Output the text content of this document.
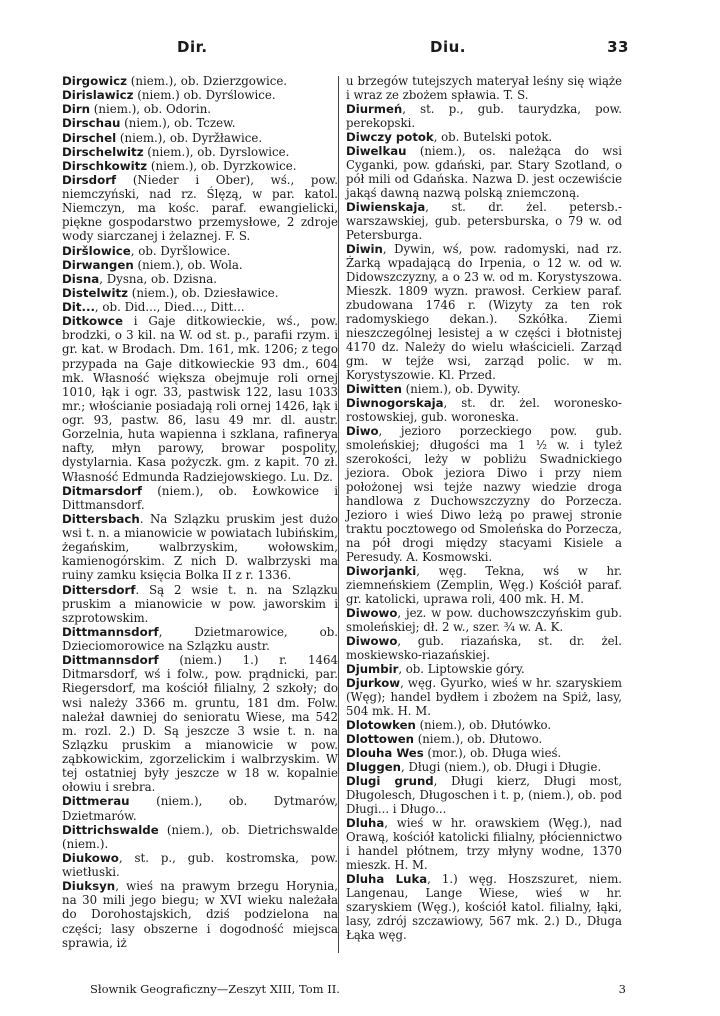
Dir.	Diu.	33

Dirgowicz (niem.), ob. Dzierzgowice.

Dirislawicz (niem.) ob. Dyrślowice.

Dirn (niem.), ob. Odorin.

Dirschau (niem.), ob. Tczew.

Dirschel (niem.), ob. Dyržławice.

Dirschelwitz (niem.), ob. Dyrslowice.

Dirschkowitz (niem.), ob. Dyrzkowice.

Dirsdorf (Nieder i Ober), wś., pow. niemczyński, nad rz. Ślęzą, w par. katol. Niemczyn, ma kośc. paraf. ewangielicki, piękne gospodarstwo przemysłowe, 2 zdroje wody siarczanej i żelaznej. F. S.

Diršlowice, ob. Dyršlowice.

Dirwangen (niem.), ob. Wola.

Disna, Dysna, ob. Dzisna.

Distelwitz (niem.), ob. Dziesławice.

Dit..., ob. Did..., Died..., Ditt...

Ditkowce i Gaje ditkowieckie, wś., pow. brodzki, o 3 kil. na W. od st. p., parafii rzym. i gr. kat. w Brodach. Dm. 161, mk. 1206; z tego przypada na Gaje ditkowieckie 93 dm., 604 mk. Własność większa obejmuje roli ornej 1010, łąk i ogr. 33, pastwisk 122, lasu 1033 mr.; włościanie posiadają roli ornej 1426, łąk i ogr. 93, pastw. 86, lasu 49 mr. dl. austr. Gorzelnia, huta wapienna i szklana, rafinerya nafty, młyn parowy, browar pospolity, dystylarnia. Kasa pożyczk. gm. z kapit. 70 zł. Własność Edmunda Radziejowskiego. Lu. Dz.

Ditmarsdorf (niem.), ob. Łowkowice i Dittmansdorf.

Dittersbach. Na Szlązku pruskim jest dużo wsi t. n. a mianowicie w powiatach lubińskim, żegańskim, walbrzyskim, wołowskim, kamienogórskim. Z nich D. walbrzyski ma ruiny zamku księcia Bolka II z r. 1336.

Dittersdorf. Są 2 wsie t. n. na Szlązku pruskim a mianowicie w pow. jaworskim i szprotowskim.

Dittmannsdorf, Dzietmarowice, ob. Dzieciomorowice na Szlązku austr.

Dittmannsdorf (niem.) 1.) r. 1464 Ditmarsdorf, wś i folw., pow. prądnicki, par. Riegersdorf, ma kościół filialny, 2 szkoły; do wsi należy 3366 m. gruntu, 181 dm. Folw. należał dawniej do senioratu Wiese, ma 542 m. rozl. 2.) D. Są jeszcze 3 wsie t. n. na Szlązku pruskim a mianowicie w pow. ząbkowickim, zgorzelickim i walbrzyskim. W tej ostatniej były jeszcze w 18 w. kopalnie ołowiu i srebra.

Dittmerau (niem.), ob. Dytmarów, Dzietmarów.

Dittrichswalde (niem.), ob. Dietrichswalde (niem.).

Diukowo, st. p., gub. kostromska, pow. wietłuski.

Diuksyn, wieś na prawym brzegu Horynia, na 30 mili jego biegu; w XVI wieku należała do Dorohostajskich, dziś podzielona na części; lasy obszerne i dogodność miejsca sprawia, iż

u brzegów tutejszych materyał leśny się wiąże i wraz ze zbożem spławia. T. S.

Diurmeń, st. p., gub. taurydzka, pow. perekopski.

Diwczy potok, ob. Butelski potok.

Diwelkau (niem.), os. należąca do wsi Cyganki, pow. gdański, par. Stary Szotland, o pół mili od Gdańska. Nazwa D. jest oczewiście jakąś dawną nazwą polską zniemczoną.

Diwienskaja, st. dr. żel. petersb.-warszawskiej, gub. petersburska, o 79 w. od Petersburga.

Diwin, Dywin, wś, pow. radomyski, nad rz. Żarką wpadającą do Irpenia, o 12 w. od w. Didowszczyzny, a o 23 w. od m. Korystyszowa. Mieszk. 1809 wyzn. prawosł. Cerkiew paraf. zbudowana 1746 r. (Wizyty za ten rok radomyskiego dekan.). Szkółka. Ziemi nieszczególnej lesistej a w części i błotnistej 4170 dz. Należy do wielu właścicieli. Zarząd gm. w tejże wsi, zarząd polic. w m. Korystyszowie. Kl. Przed.

Diwitten (niem.), ob. Dywity.

Diwnogorskaja, st. dr. żel. woronesko-rostowskiej, gub. woroneska.

Diwo, jezioro porzeckiego pow. gub. smoleńskiej; długości ma 1 ½ w. i tyleż szerokości, leży w pobliżu Swadnickiego jeziora. Obok jeziora Diwo i przy niem położonej wsi tejże nazwy wiedzie droga handlowa z Duchowszczyzny do Porzecza. Jezioro i wieś Diwo leżą po prawej stronie traktu pocztowego od Smoleńska do Porzecza, na pół drogi między stacyami Kisiele a Peresudy. A. Kosmowski.

Diworjanki, węg. Tekna, wś w hr. ziemneńskiem (Zemplin, Węg.) Kościół paraf. gr. katolicki, uprawa roli, 400 mk. H. M.

Diwowo, jez. w pow. duchowszczyńskim gub. smoleńskiej; dł. 2 w., szer. ¾ w. A. K.

Diwowo, gub. riazańska, st. dr. żel. moskiewsko-riazańskiej.

Djumbir, ob. Liptowskie góry.

Djurkow, węg. Gyurko, wieś w hr. szaryskiem (Węg); handel bydłem i zbożem na Spiż, lasy, 504 mk. H. M.

Dlotowken (niem.), ob. Dłutówko.

Dlottowen (niem.), ob. Dłutowo.

Dlouha Wes (mor.), ob. Długa wieś.

Dluggen, Długi (niem.), ob. Długi i Długie.

Dlugi grund, Długi kierz, Długi most, Długolesch, Długoschen i t. p, (niem.), ob. pod Długi... i Długo...

Dluha, wieś w hr. orawskiem (Węg.), nad Orawą, kościół katolicki filialny, płóciennictwo i handel płótnem, trzy młyny wodne, 1370 mieszk. H. M.

Dluha Luka, 1.) węg. Hoszszuret, niem. Langenau, Lange Wiese, wieś w hr. szaryskiem (Węg.), kościół katol. filialny, łąki, lasy, zdrój szczawiowy, 567 mk. 2.) D., Długa Łąka węg.

Słownik Geograficzny—Zeszyt XIII, Tom II.	3
